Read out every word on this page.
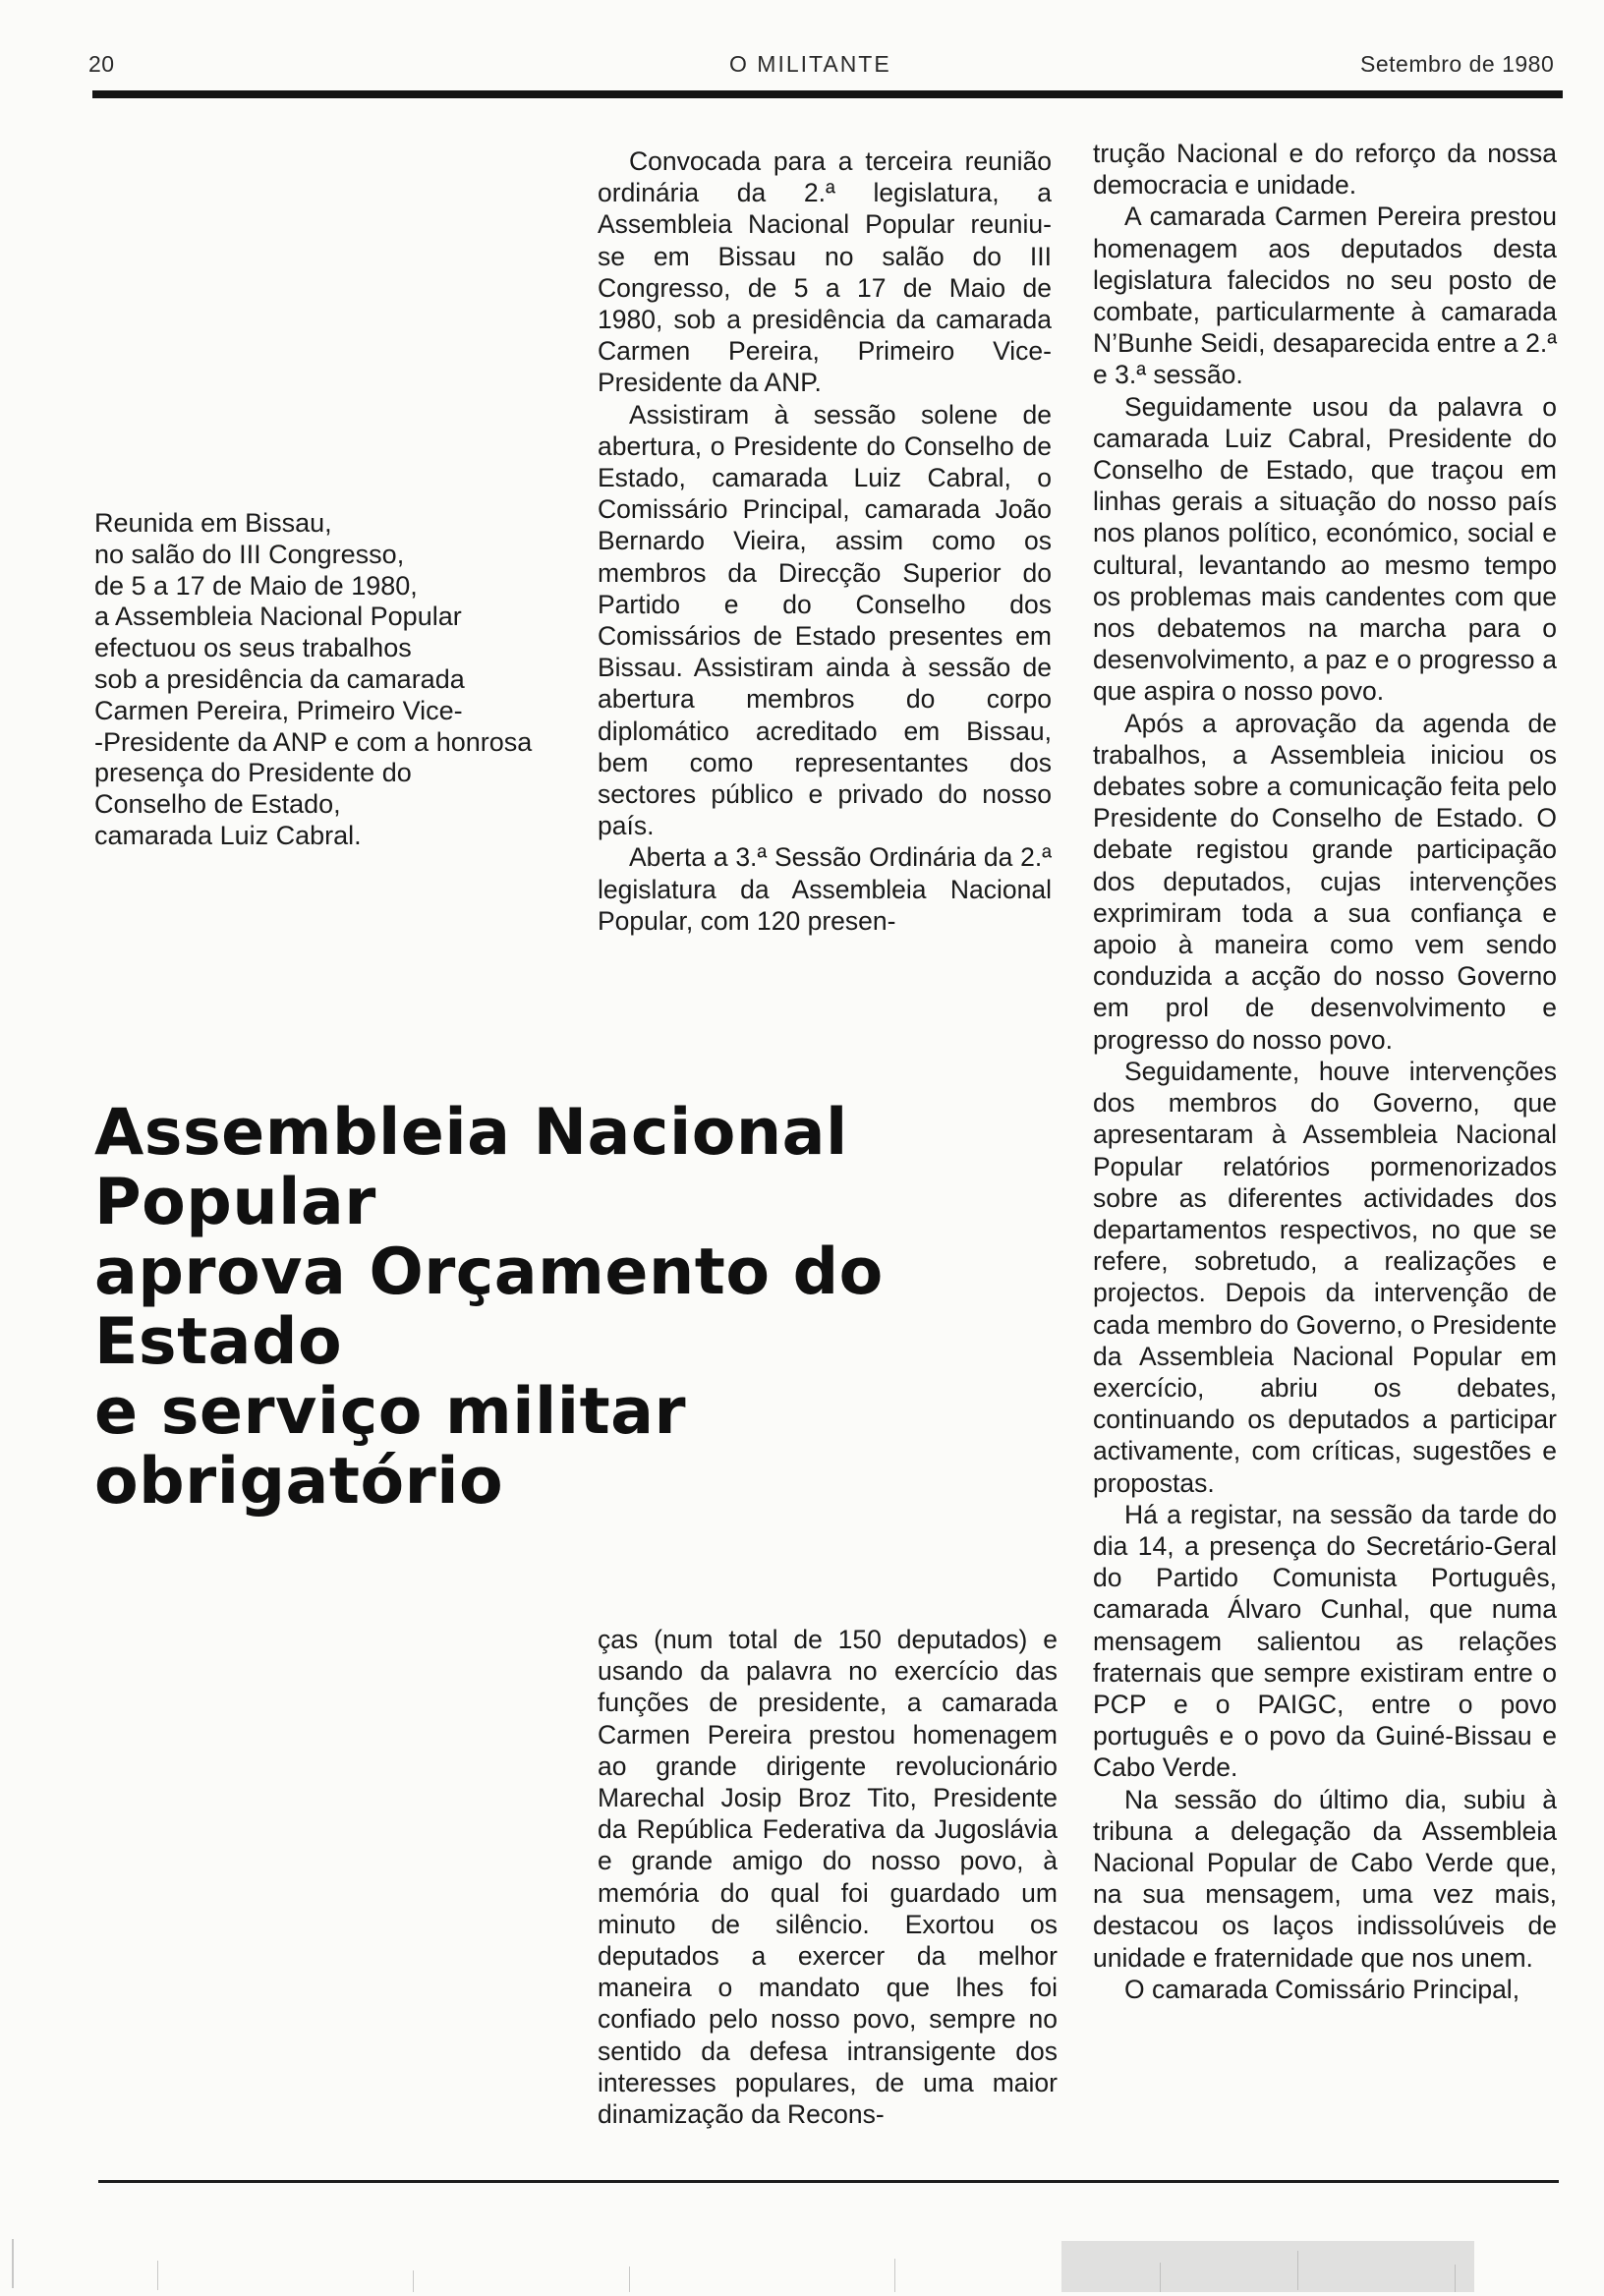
20	O MILITANTE	Setembro de 1980
Reunida em Bissau,
no salão do III Congresso,
de 5 a 17 de Maio de 1980,
a Assembleia Nacional Popular
efectuou os seus trabalhos
sob a presidência da camarada
Carmen Pereira, Primeiro Vice-
-Presidente da ANP e com a honrosa
presença do Presidente do
Conselho de Estado,
camarada Luiz Cabral.
Assembleia Nacional Popular
aprova Orçamento do Estado
e serviço militar obrigatório

Convocada para a terceira reunião ordinária da 2.ª legislatura, a Assembleia Nacional Popular reuniu-se em Bissau no salão do III Congresso, de 5 a 17 de Maio de 1980, sob a presidência da camarada Carmen Pereira, Primeiro Vice-Presidente da ANP.

Assistiram à sessão solene de abertura, o Presidente do Conselho de Estado, camarada Luiz Cabral, o Comissário Principal, camarada João Bernardo Vieira, assim como os membros da Direcção Superior do Partido e do Conselho dos Comissários de Estado presentes em Bissau. Assistiram ainda à sessão de abertura membros do corpo diplomático acreditado em Bissau, bem como representantes dos sectores público e privado do nosso país.

Aberta a 3.ª Sessão Ordinária da 2.ª legislatura da Assembleia Nacional Popular, com 120 presen-

ças (num total de 150 deputados) e usando da palavra no exercício das funções de presidente, a camarada Carmen Pereira prestou homenagem ao grande dirigente revolucionário Marechal Josip Broz Tito, Presidente da República Federativa da Jugoslávia e grande amigo do nosso povo, à memória do qual foi guardado um minuto de silêncio. Exortou os deputados a exercer da melhor maneira o mandato que lhes foi confiado pelo nosso povo, sempre no sentido da defesa intransigente dos interesses populares, de uma maior dinamização da Recons-

trução Nacional e do reforço da nossa democracia e unidade.

A camarada Carmen Pereira prestou homenagem aos deputados desta legislatura falecidos no seu posto de combate, particularmente à camarada N’Bunhe Seidi, desaparecida entre a 2.ª e 3.ª sessão.

Seguidamente usou da palavra o camarada Luiz Cabral, Presidente do Conselho de Estado, que traçou em linhas gerais a situação do nosso país nos planos político, económico, social e cultural, levantando ao mesmo tempo os problemas mais candentes com que nos debatemos na marcha para o desenvolvimento, a paz e o progresso a que aspira o nosso povo.

Após a aprovação da agenda de trabalhos, a Assembleia iniciou os debates sobre a comunicação feita pelo Presidente do Conselho de Estado. O debate registou grande participação dos deputados, cujas intervenções exprimiram toda a sua confiança e apoio à maneira como vem sendo conduzida a acção do nosso Governo em prol de desenvolvimento e progresso do nosso povo.

Seguidamente, houve intervenções dos membros do Governo, que apresentaram à Assembleia Nacional Popular relatórios pormenorizados sobre as diferentes actividades dos departamentos respectivos, no que se refere, sobretudo, a realizações e projectos. Depois da intervenção de cada membro do Governo, o Presidente da Assembleia Nacional Popular em exercício, abriu os debates, continuando os deputados a participar activamente, com críticas, sugestões e propostas.

Há a registar, na sessão da tarde do dia 14, a presença do Secretário-Geral do Partido Comunista Português, camarada Álvaro Cunhal, que numa mensagem salientou as relações fraternais que sempre existiram entre o PCP e o PAIGC, entre o povo português e o povo da Guiné-Bissau e Cabo Verde.

Na sessão do último dia, subiu à tribuna a delegação da Assembleia Nacional Popular de Cabo Verde que, na sua mensagem, uma vez mais, destacou os laços indissolúveis de unidade e fraternidade que nos unem.

O camarada Comissário Principal,
